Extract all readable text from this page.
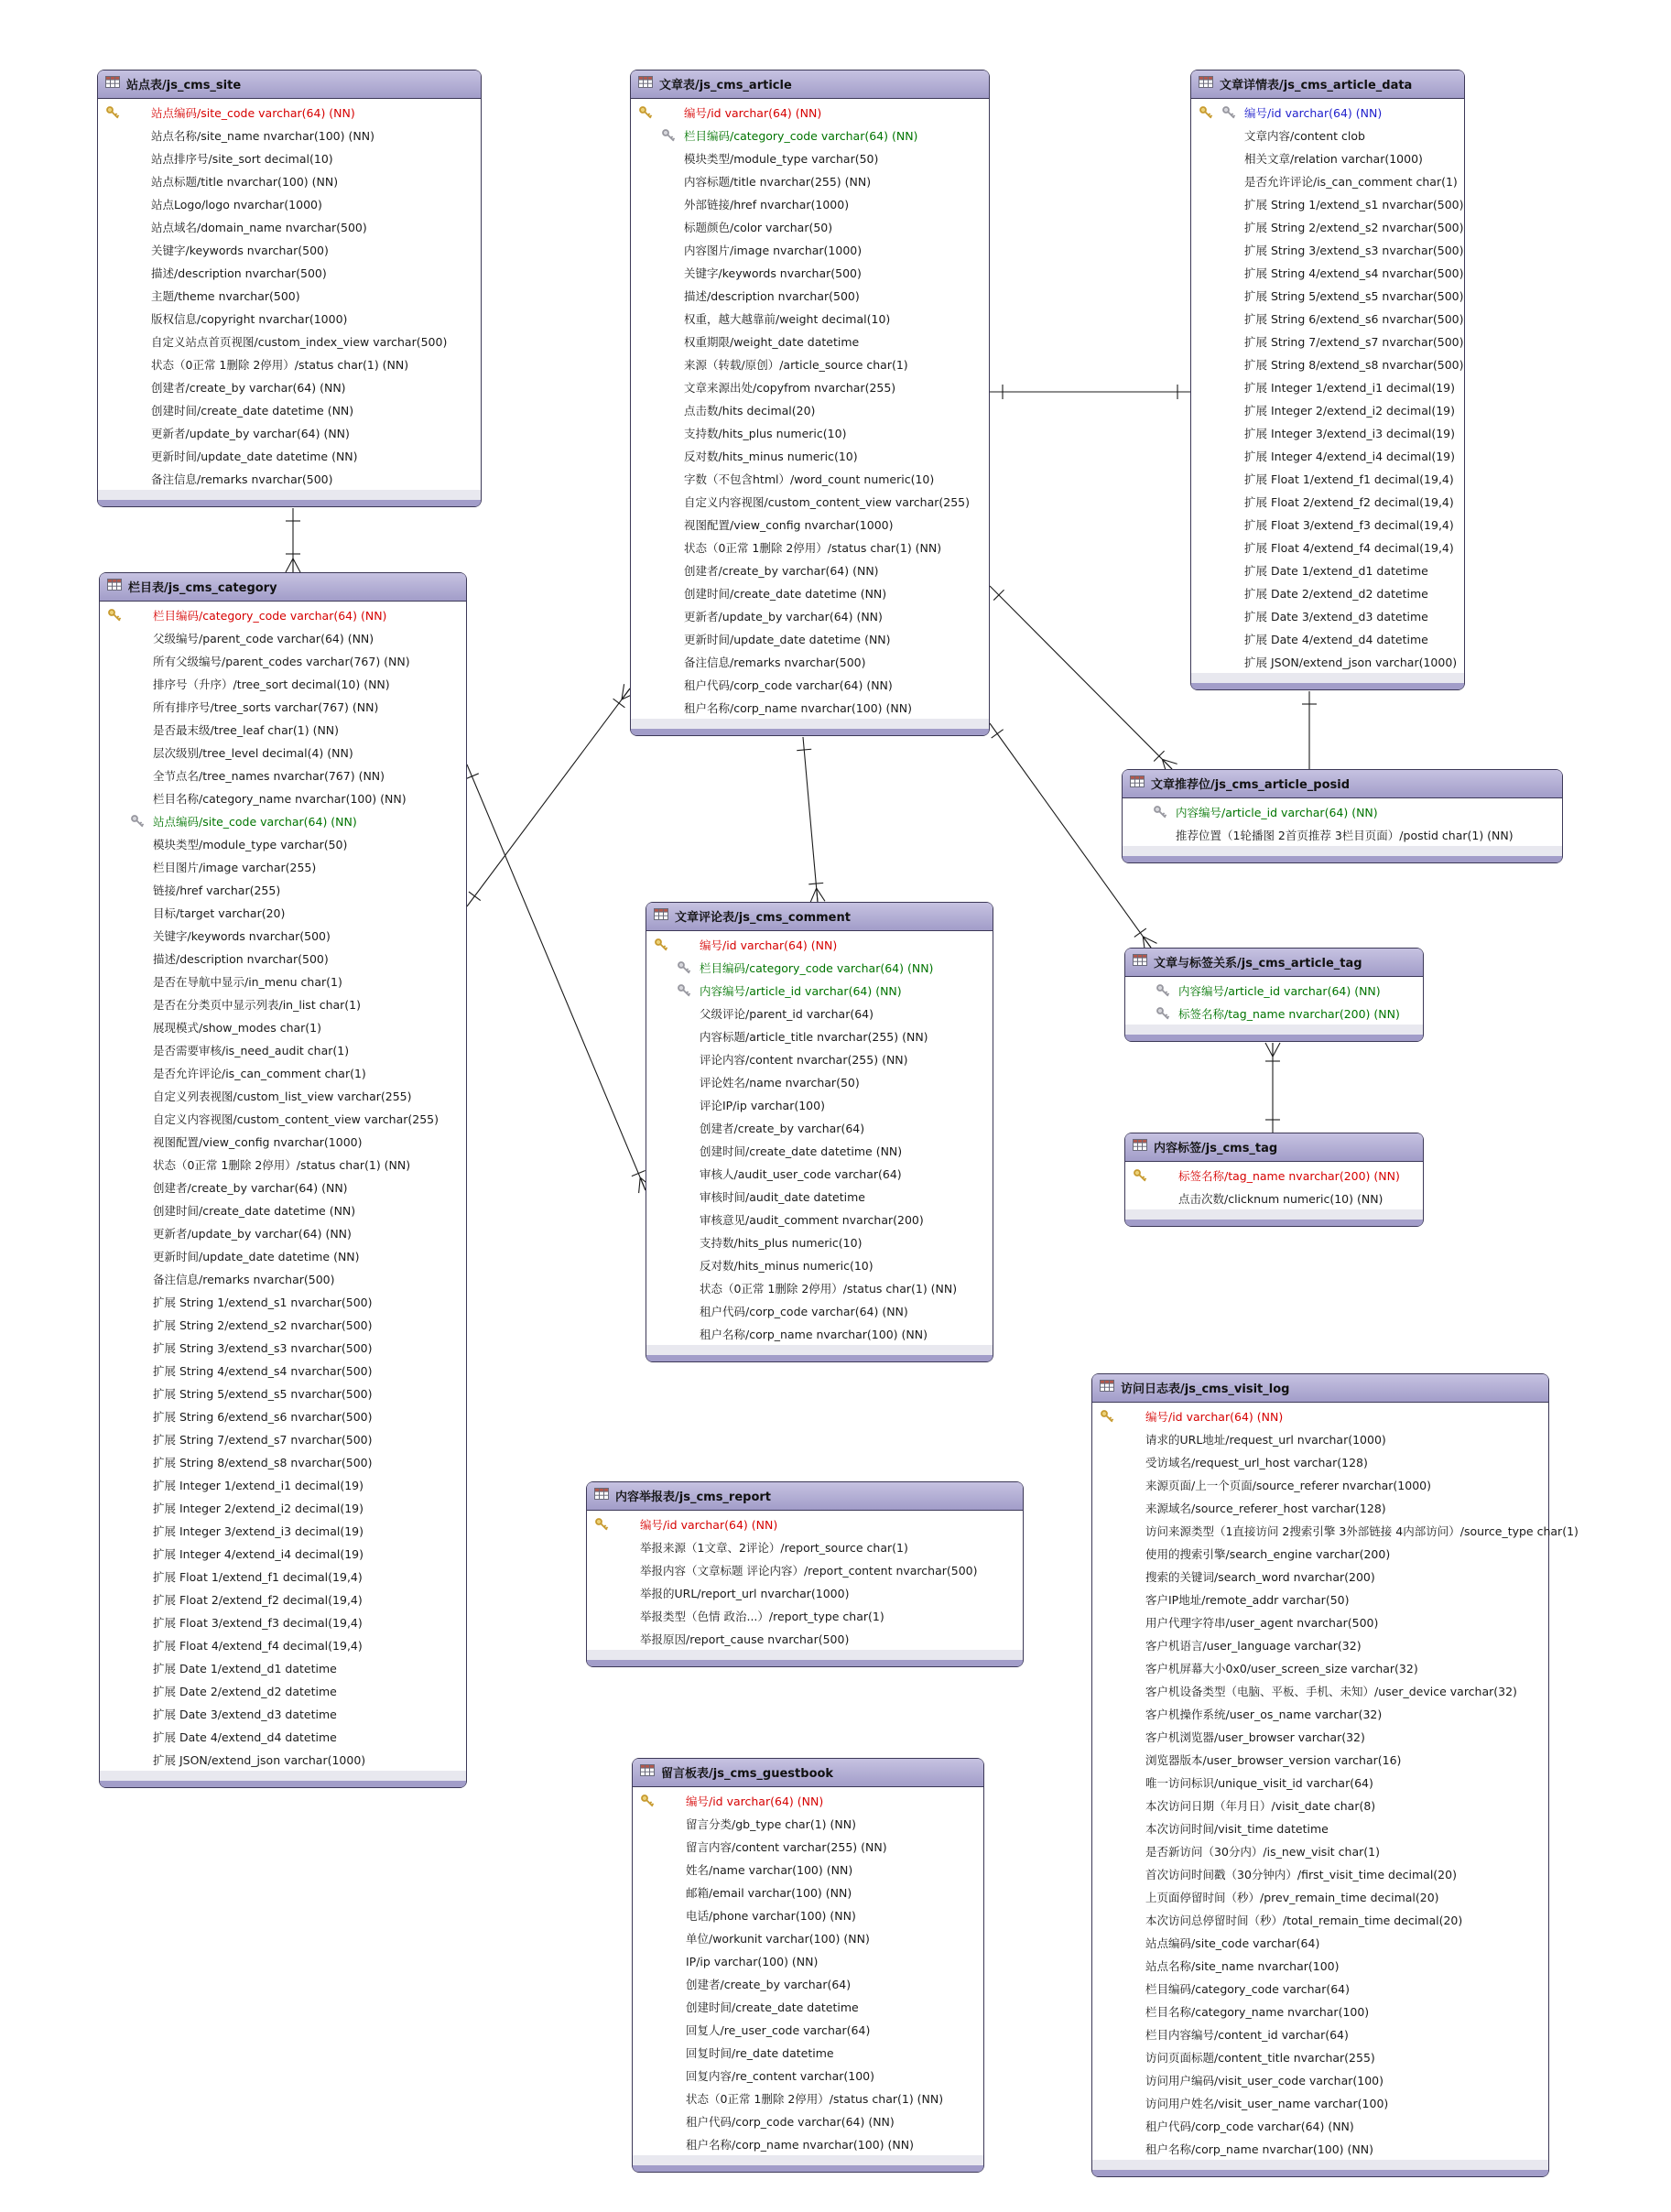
站点表/js_cms_site
站点编码/site_code varchar(64) (NN)
站点名称/site_name nvarchar(100) (NN)
站点排序号/site_sort decimal(10)
站点标题/title nvarchar(100) (NN)
站点Logo/logo nvarchar(1000)
站点域名/domain_name nvarchar(500)
关键字/keywords nvarchar(500)
描述/description nvarchar(500)
主题/theme nvarchar(500)
版权信息/copyright nvarchar(1000)
自定义站点首页视图/custom_index_view varchar(500)
状态（0正常 1删除 2停用）/status char(1) (NN)
创建者/create_by varchar(64) (NN)
创建时间/create_date datetime (NN)
更新者/update_by varchar(64) (NN)
更新时间/update_date datetime (NN)
备注信息/remarks nvarchar(500)
文章表/js_cms_article
编号/id varchar(64) (NN)
栏目编码/category_code varchar(64) (NN)
模块类型/module_type varchar(50)
内容标题/title nvarchar(255) (NN)
外部链接/href nvarchar(1000)
标题颜色/color varchar(50)
内容图片/image nvarchar(1000)
关键字/keywords nvarchar(500)
描述/description nvarchar(500)
权重，越大越靠前/weight decimal(10)
权重期限/weight_date datetime
来源（转载/原创）/article_source char(1)
文章来源出处/copyfrom nvarchar(255)
点击数/hits decimal(20)
支持数/hits_plus numeric(10)
反对数/hits_minus numeric(10)
字数（不包含html）/word_count numeric(10)
自定义内容视图/custom_content_view varchar(255)
视图配置/view_config nvarchar(1000)
状态（0正常 1删除 2停用）/status char(1) (NN)
创建者/create_by varchar(64) (NN)
创建时间/create_date datetime (NN)
更新者/update_by varchar(64) (NN)
更新时间/update_date datetime (NN)
备注信息/remarks nvarchar(500)
租户代码/corp_code varchar(64) (NN)
租户名称/corp_name nvarchar(100) (NN)
文章详情表/js_cms_article_data
编号/id varchar(64) (NN)
文章内容/content clob
相关文章/relation varchar(1000)
是否允许评论/is_can_comment char(1)
扩展 String 1/extend_s1 nvarchar(500)
扩展 String 2/extend_s2 nvarchar(500)
扩展 String 3/extend_s3 nvarchar(500)
扩展 String 4/extend_s4 nvarchar(500)
扩展 String 5/extend_s5 nvarchar(500)
扩展 String 6/extend_s6 nvarchar(500)
扩展 String 7/extend_s7 nvarchar(500)
扩展 String 8/extend_s8 nvarchar(500)
扩展 Integer 1/extend_i1 decimal(19)
扩展 Integer 2/extend_i2 decimal(19)
扩展 Integer 3/extend_i3 decimal(19)
扩展 Integer 4/extend_i4 decimal(19)
扩展 Float 1/extend_f1 decimal(19,4)
扩展 Float 2/extend_f2 decimal(19,4)
扩展 Float 3/extend_f3 decimal(19,4)
扩展 Float 4/extend_f4 decimal(19,4)
扩展 Date 1/extend_d1 datetime
扩展 Date 2/extend_d2 datetime
扩展 Date 3/extend_d3 datetime
扩展 Date 4/extend_d4 datetime
扩展 JSON/extend_json varchar(1000)
栏目表/js_cms_category
栏目编码/category_code varchar(64) (NN)
父级编号/parent_code varchar(64) (NN)
所有父级编号/parent_codes varchar(767) (NN)
排序号（升序）/tree_sort decimal(10) (NN)
所有排序号/tree_sorts varchar(767) (NN)
是否最末级/tree_leaf char(1) (NN)
层次级别/tree_level decimal(4) (NN)
全节点名/tree_names nvarchar(767) (NN)
栏目名称/category_name nvarchar(100) (NN)
站点编码/site_code varchar(64) (NN)
模块类型/module_type varchar(50)
栏目图片/image varchar(255)
链接/href varchar(255)
目标/target varchar(20)
关键字/keywords nvarchar(500)
描述/description nvarchar(500)
是否在导航中显示/in_menu char(1)
是否在分类页中显示列表/in_list char(1)
展现模式/show_modes char(1)
是否需要审核/is_need_audit char(1)
是否允许评论/is_can_comment char(1)
自定义列表视图/custom_list_view varchar(255)
自定义内容视图/custom_content_view varchar(255)
视图配置/view_config nvarchar(1000)
状态（0正常 1删除 2停用）/status char(1) (NN)
创建者/create_by varchar(64) (NN)
创建时间/create_date datetime (NN)
更新者/update_by varchar(64) (NN)
更新时间/update_date datetime (NN)
备注信息/remarks nvarchar(500)
扩展 String 1/extend_s1 nvarchar(500)
扩展 String 2/extend_s2 nvarchar(500)
扩展 String 3/extend_s3 nvarchar(500)
扩展 String 4/extend_s4 nvarchar(500)
扩展 String 5/extend_s5 nvarchar(500)
扩展 String 6/extend_s6 nvarchar(500)
扩展 String 7/extend_s7 nvarchar(500)
扩展 String 8/extend_s8 nvarchar(500)
扩展 Integer 1/extend_i1 decimal(19)
扩展 Integer 2/extend_i2 decimal(19)
扩展 Integer 3/extend_i3 decimal(19)
扩展 Integer 4/extend_i4 decimal(19)
扩展 Float 1/extend_f1 decimal(19,4)
扩展 Float 2/extend_f2 decimal(19,4)
扩展 Float 3/extend_f3 decimal(19,4)
扩展 Float 4/extend_f4 decimal(19,4)
扩展 Date 1/extend_d1 datetime
扩展 Date 2/extend_d2 datetime
扩展 Date 3/extend_d3 datetime
扩展 Date 4/extend_d4 datetime
扩展 JSON/extend_json varchar(1000)
文章推荐位/js_cms_article_posid
内容编号/article_id varchar(64) (NN)
推荐位置（1轮播图 2首页推荐 3栏目页面）/postid char(1) (NN)
文章与标签关系/js_cms_article_tag
内容编号/article_id varchar(64) (NN)
标签名称/tag_name nvarchar(200) (NN)
内容标签/js_cms_tag
标签名称/tag_name nvarchar(200) (NN)
点击次数/clicknum numeric(10) (NN)
文章评论表/js_cms_comment
编号/id varchar(64) (NN)
栏目编码/category_code varchar(64) (NN)
内容编号/article_id varchar(64) (NN)
父级评论/parent_id varchar(64)
内容标题/article_title nvarchar(255) (NN)
评论内容/content nvarchar(255) (NN)
评论姓名/name nvarchar(50)
评论IP/ip varchar(100)
创建者/create_by varchar(64)
创建时间/create_date datetime (NN)
审核人/audit_user_code varchar(64)
审核时间/audit_date datetime
审核意见/audit_comment nvarchar(200)
支持数/hits_plus numeric(10)
反对数/hits_minus numeric(10)
状态（0正常 1删除 2停用）/status char(1) (NN)
租户代码/corp_code varchar(64) (NN)
租户名称/corp_name nvarchar(100) (NN)
内容举报表/js_cms_report
编号/id varchar(64) (NN)
举报来源（1文章、2评论）/report_source char(1)
举报内容（文章标题 评论内容）/report_content nvarchar(500)
举报的URL/report_url nvarchar(1000)
举报类型（色情 政治...）/report_type char(1)
举报原因/report_cause nvarchar(500)
留言板表/js_cms_guestbook
编号/id varchar(64) (NN)
留言分类/gb_type char(1) (NN)
留言内容/content varchar(255) (NN)
姓名/name varchar(100) (NN)
邮箱/email varchar(100) (NN)
电话/phone varchar(100) (NN)
单位/workunit varchar(100) (NN)
IP/ip varchar(100) (NN)
创建者/create_by varchar(64)
创建时间/create_date datetime
回复人/re_user_code varchar(64)
回复时间/re_date datetime
回复内容/re_content varchar(100)
状态（0正常 1删除 2停用）/status char(1) (NN)
租户代码/corp_code varchar(64) (NN)
租户名称/corp_name nvarchar(100) (NN)
访问日志表/js_cms_visit_log
编号/id varchar(64) (NN)
请求的URL地址/request_url nvarchar(1000)
受访域名/request_url_host varchar(128)
来源页面/上一个页面/source_referer nvarchar(1000)
来源域名/source_referer_host varchar(128)
访问来源类型（1直接访问 2搜索引擎 3外部链接 4内部访问）/source_type char(1)
使用的搜索引擎/search_engine varchar(200)
搜索的关键词/search_word nvarchar(200)
客户IP地址/remote_addr varchar(50)
用户代理字符串/user_agent nvarchar(500)
客户机语言/user_language varchar(32)
客户机屏幕大小0x0/user_screen_size varchar(32)
客户机设备类型（电脑、平板、手机、未知）/user_device varchar(32)
客户机操作系统/user_os_name varchar(32)
客户机浏览器/user_browser varchar(32)
浏览器版本/user_browser_version varchar(16)
唯一访问标识/unique_visit_id varchar(64)
本次访问日期（年月日）/visit_date char(8)
本次访问时间/visit_time datetime
是否新访问（30分内）/is_new_visit char(1)
首次访问时间戳（30分钟内）/first_visit_time decimal(20)
上页面停留时间（秒）/prev_remain_time decimal(20)
本次访问总停留时间（秒）/total_remain_time decimal(20)
站点编码/site_code varchar(64)
站点名称/site_name nvarchar(100)
栏目编码/category_code varchar(64)
栏目名称/category_name nvarchar(100)
栏目内容编号/content_id varchar(64)
访问页面标题/content_title nvarchar(255)
访问用户编码/visit_user_code varchar(100)
访问用户姓名/visit_user_name varchar(100)
租户代码/corp_code varchar(64) (NN)
租户名称/corp_name nvarchar(100) (NN)
